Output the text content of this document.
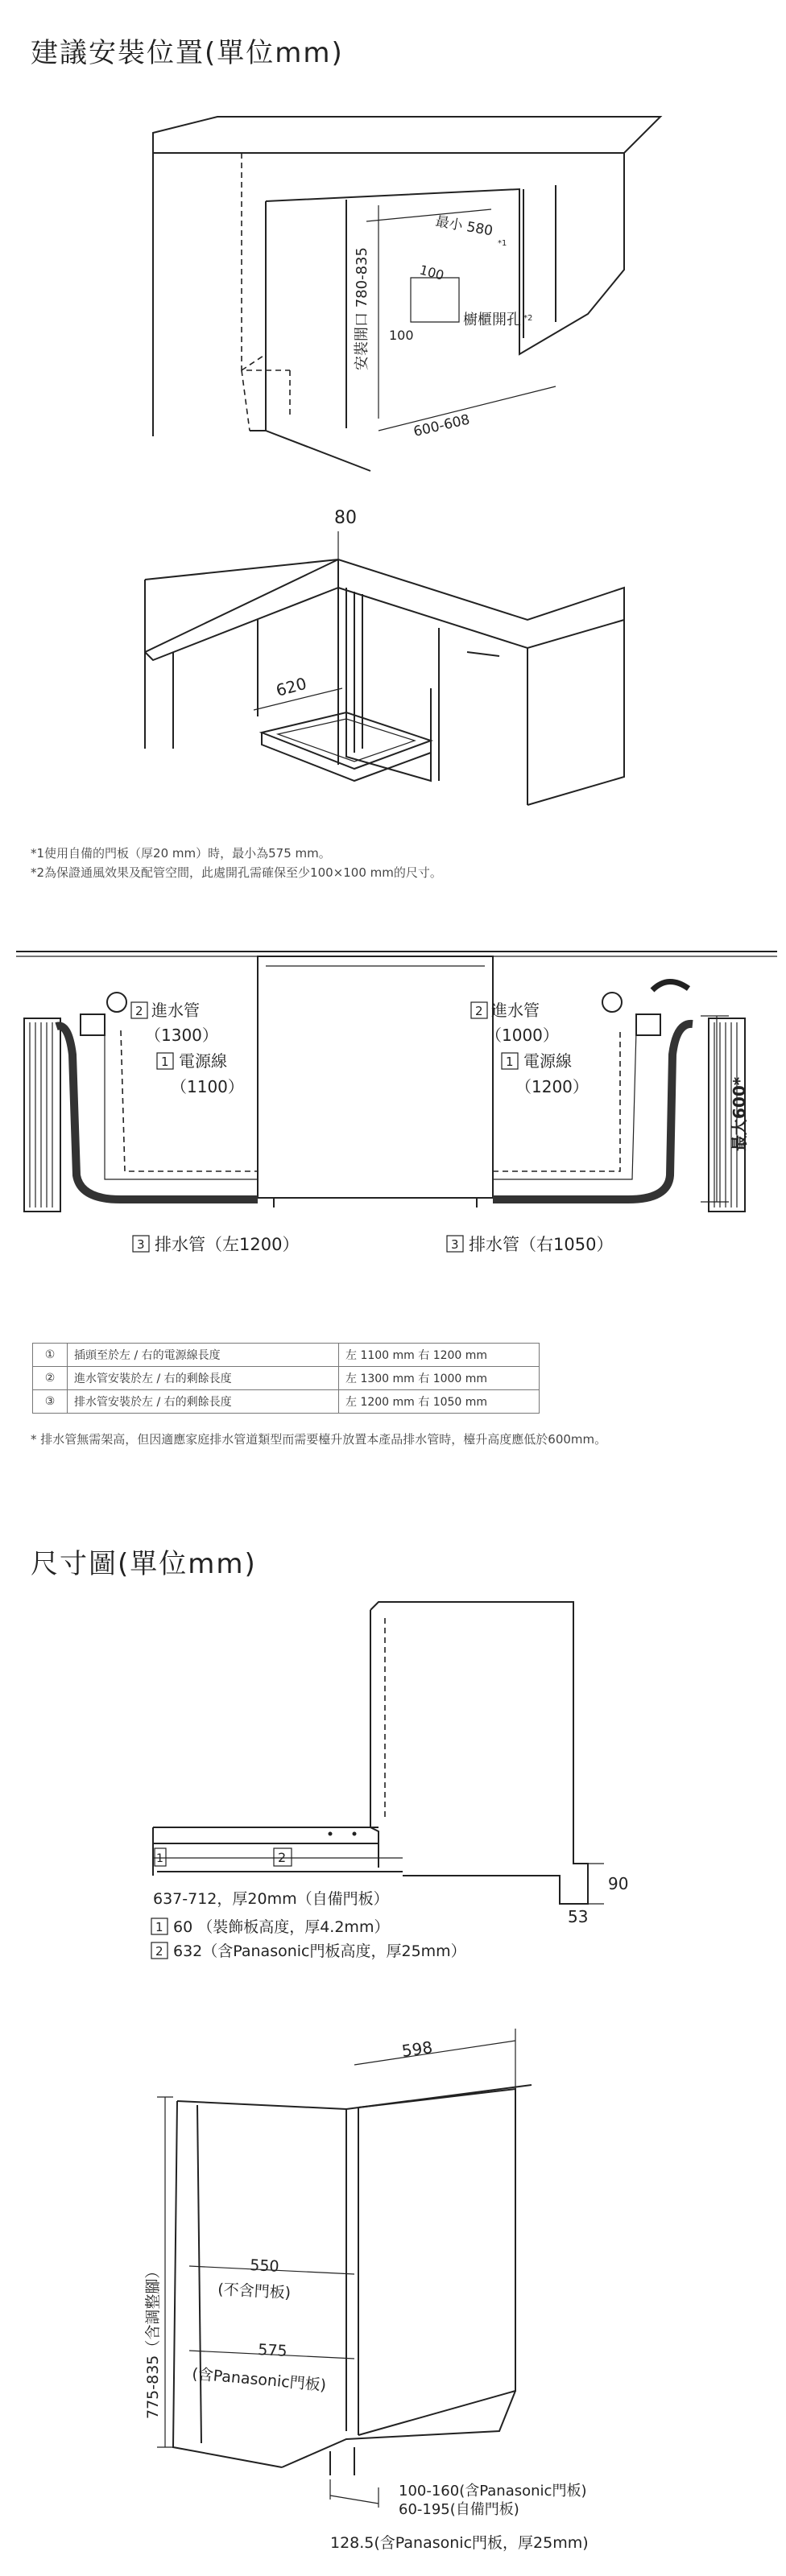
建議安裝位置(單位mm)
最小 580
*1
安裝開口 780-835	100
100
櫥櫃開孔 *2
600-608
80
620
*1使用自備的門板（厚20 mm）時，最小為575 mm。
*2為保證通風效果及配管空間，此處開孔需確保至少100×100 mm的尺寸。
最大600*
2 進水管
（1300）
1 電源線
（1100）
3 排水管（左1200）
2 進水管
（1000）
1 電源線
（1200）
3 排水管（右1050）
①	插頭至於左 / 右的電源線長度	左 1100 mm 右 1200 mm
②	進水管安裝於左 / 右的剩餘長度	左 1300 mm 右 1000 mm
③	排水管安裝於左 / 右的剩餘長度	左 1200 mm 右 1050 mm
* 排水管無需架高，但因適應家庭排水管道類型而需要檯升放置本產品排水管時，檯升高度應低於600mm。
尺寸圖(單位mm)
2
1
90
53
637-712，厚20mm（自備門板）
1 60 （裝飾板高度，厚4.2mm）
2 632（含Panasonic門板高度，厚25mm）
598
550
(不含門板)
575
(含Panasonic門板)
775-835（含調整腳）
100-160(含Panasonic門板)
60-195(自備門板)
128.5(含Panasonic門板，厚25mm)
